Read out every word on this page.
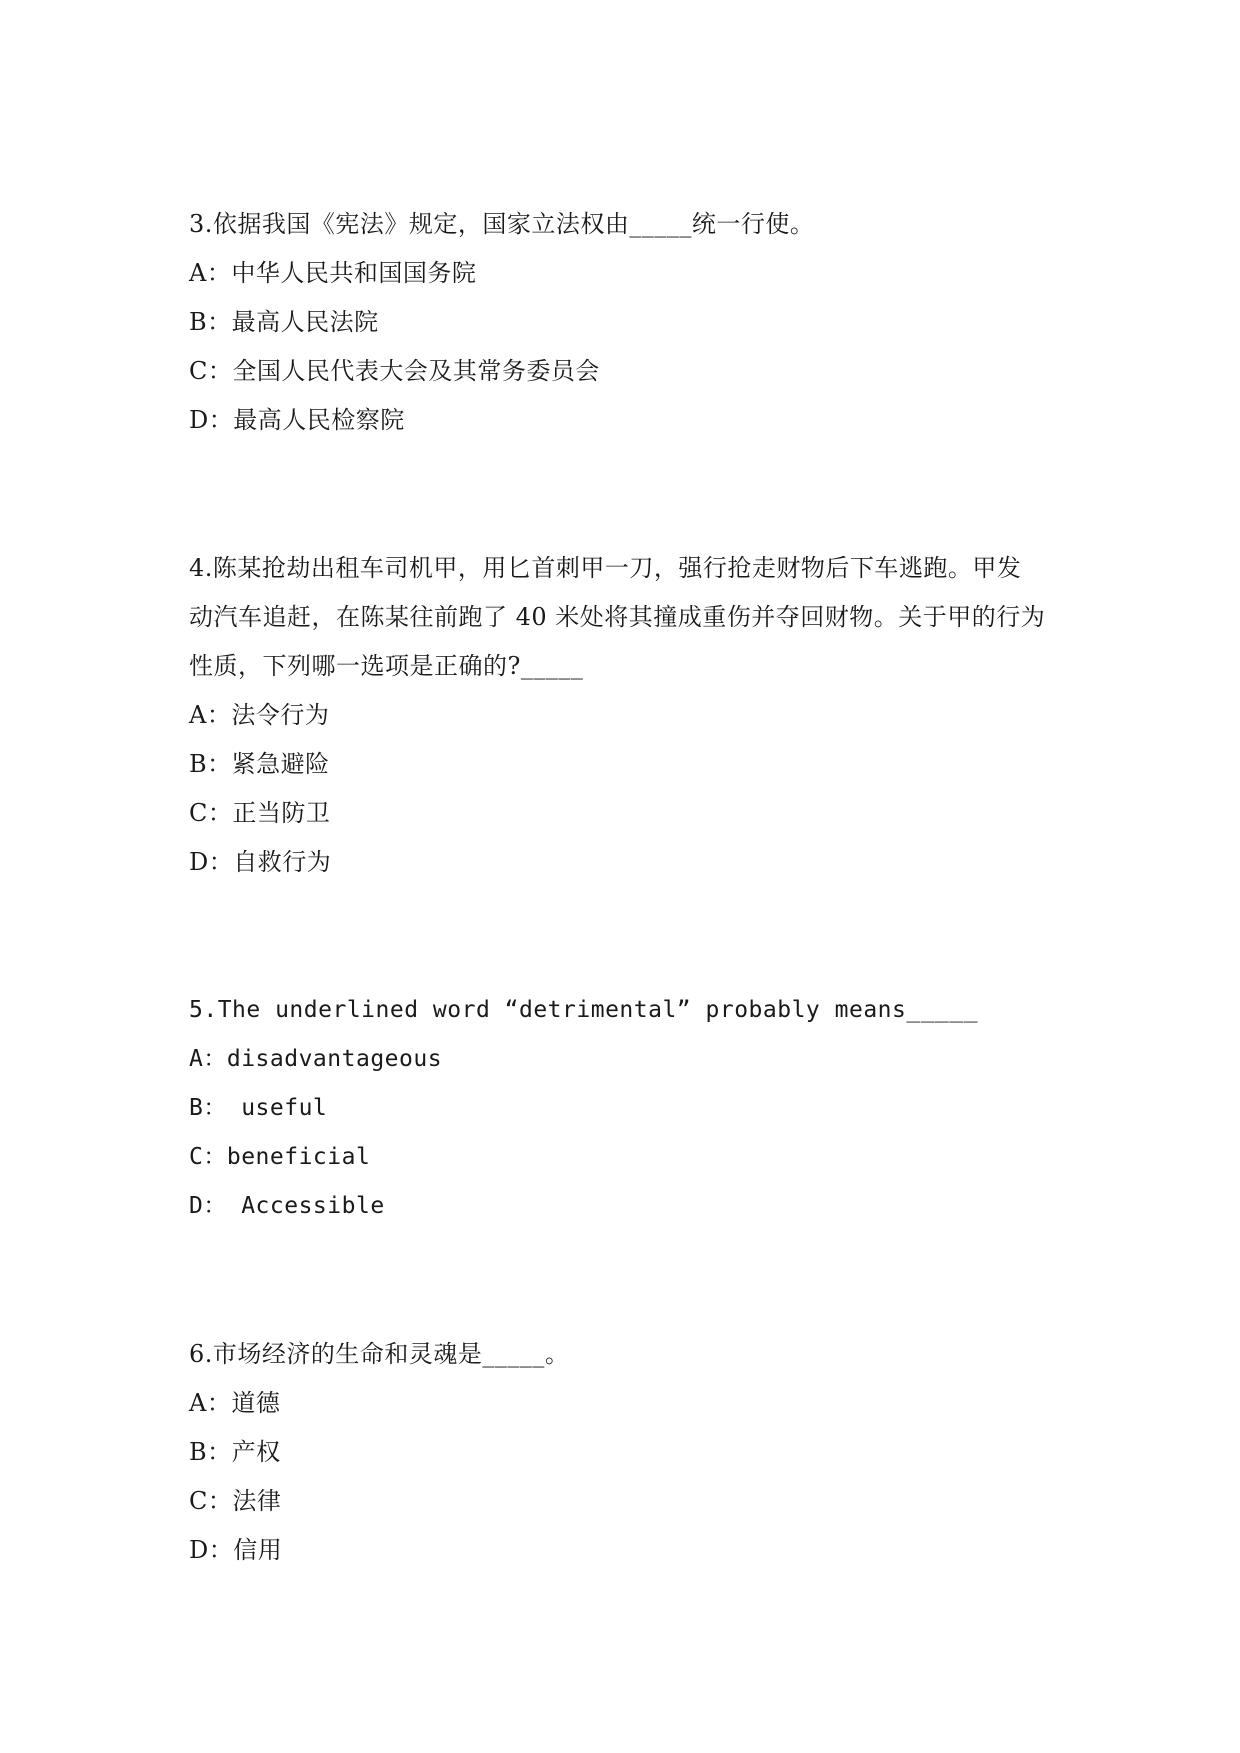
3.依据我国《宪法》规定，国家立法权由_____统一行使。
A：中华人民共和国国务院
B：最高人民法院
C：全国人民代表大会及其常务委员会
D：最高人民检察院
4.陈某抢劫出租车司机甲，用匕首刺甲一刀，强行抢走财物后下车逃跑。甲发
动汽车追赶，在陈某往前跑了 40 米处将其撞成重伤并夺回财物。关于甲的行为
性质，下列哪一选项是正确的?_____
A：法令行为
B：紧急避险
C：正当防卫
D：自救行为
5.The underlined word “detrimental” probably means_____
A：disadvantageous
B： useful
C：beneficial
D： Accessible
6.市场经济的生命和灵魂是_____。
A：道德
B：产权
C：法律
D：信用
